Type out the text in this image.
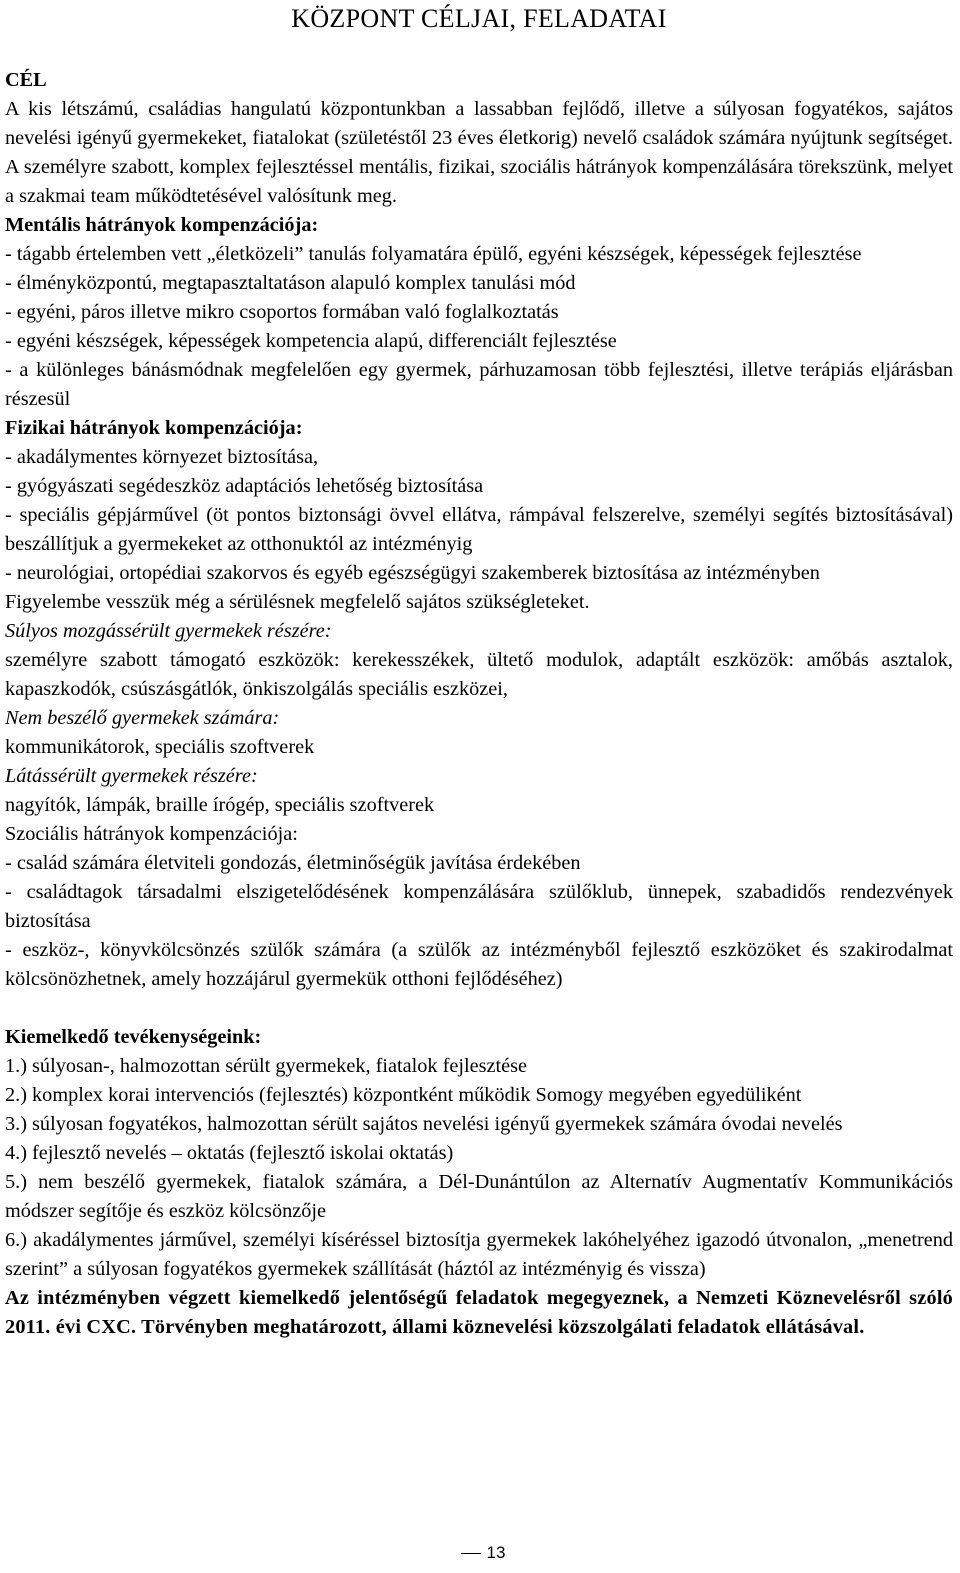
KÖZPONT CÉLJAI, FELADATAI

CÉL

A kis létszámú, családias hangulatú központunkban a lassabban fejlődő, illetve a súlyosan fogyatékos, sajátos nevelési igényű gyermekeket, fiatalokat (születéstől 23 éves életkorig) nevelő családok számára nyújtunk segítséget. A személyre szabott, komplex fejlesztéssel mentális, fizikai, szociális hátrányok kompenzálására törekszünk, melyet a szakmai team működtetésével valósítunk meg.

Mentális hátrányok kompenzációja:

- tágabb értelemben vett „életközeli” tanulás folyamatára épülő, egyéni készségek, képességek fejlesztése

- élményközpontú, megtapasztaltatáson alapuló komplex tanulási mód

- egyéni, páros illetve mikro csoportos formában való foglalkoztatás

- egyéni készségek, képességek kompetencia alapú, differenciált fejlesztése

- a különleges bánásmódnak megfelelően egy gyermek, párhuzamosan több fejlesztési, illetve terápiás eljárásban részesül

Fizikai hátrányok kompenzációja:

- akadálymentes környezet biztosítása,

- gyógyászati segédeszköz adaptációs lehetőség biztosítása

- speciális gépjárművel (öt pontos biztonsági övvel ellátva, rámpával felszerelve, személyi segítés biztosításával) beszállítjuk a gyermekeket az otthonuktól az intézményig

- neurológiai, ortopédiai szakorvos és egyéb egészségügyi szakemberek biztosítása az intézményben

Figyelembe vesszük még a sérülésnek megfelelő sajátos szükségleteket.

Súlyos mozgássérült gyermekek részére:

személyre szabott támogató eszközök: kerekesszékek, ültető modulok, adaptált eszközök: amőbás asztalok, kapaszkodók, csúszásgátlók, önkiszolgálás speciális eszközei,

Nem beszélő gyermekek számára:

kommunikátorok, speciális szoftverek

Látássérült gyermekek részére:

nagyítók, lámpák, braille írógép, speciális szoftverek

Szociális hátrányok kompenzációja:

- család számára életviteli gondozás, életminőségük javítása érdekében

- családtagok társadalmi elszigetelődésének kompenzálására szülőklub, ünnepek, szabadidős rendezvények biztosítása

- eszköz-, könyvkölcsönzés szülők számára (a szülők az intézményből fejlesztő eszközöket és szakirodalmat kölcsönözhetnek, amely hozzájárul gyermekük otthoni fejlődéséhez)

Kiemelkedő tevékenységeink:

1.) súlyosan-, halmozottan sérült gyermekek, fiatalok fejlesztése

2.) komplex korai intervenciós (fejlesztés) központként működik Somogy megyében egyedüliként

3.) súlyosan fogyatékos, halmozottan sérült sajátos nevelési igényű gyermekek számára óvodai nevelés

4.) fejlesztő nevelés – oktatás (fejlesztő iskolai oktatás)

5.) nem beszélő gyermekek, fiatalok számára, a Dél-Dunántúlon az Alternatív Augmentatív Kommunikációs módszer segítője és eszköz kölcsönzője

6.) akadálymentes járművel, személyi kíséréssel biztosítja gyermekek lakóhelyéhez igazodó útvonalon, „menetrend szerint” a súlyosan fogyatékos gyermekek szállítását (háztól az intézményig és vissza)

Az intézményben végzett kiemelkedő jelentőségű feladatok megegyeznek, a Nemzeti Köznevelésről szóló 2011. évi CXC. Törvényben meghatározott, állami köznevelési közszolgálati feladatok ellátásával.

13
